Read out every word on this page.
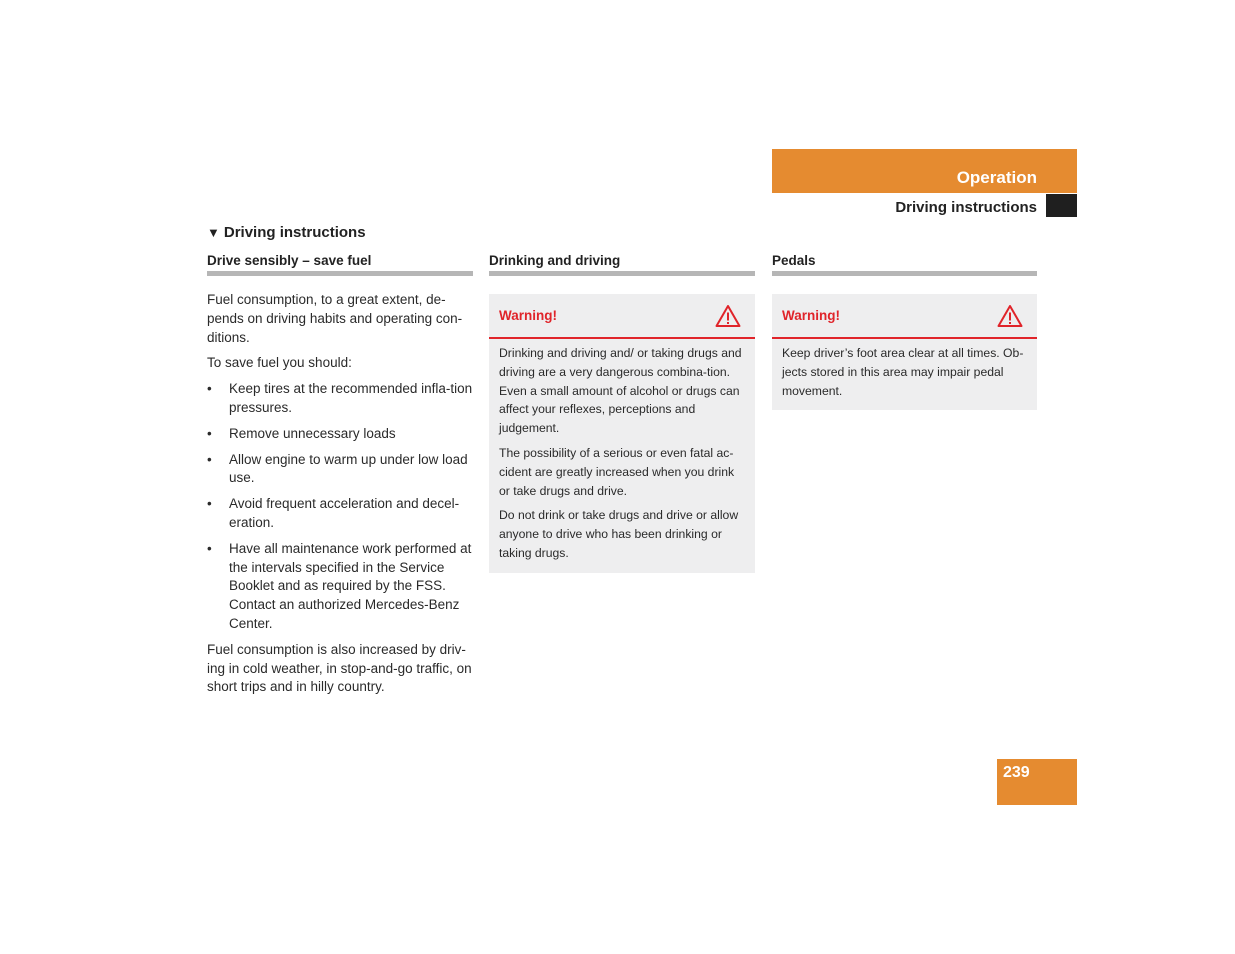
Operation
Driving instructions
▼ Driving instructions
Drive sensibly – save fuel

Fuel consumption, to a great extent, de-pends on driving habits and operating con-ditions.

To save fuel you should:

• Keep tires at the recommended infla-tion pressures.
• Remove unnecessary loads
• Allow engine to warm up under low load use.
• Avoid frequent acceleration and decel-eration.
• Have all maintenance work performed at the intervals specified in the Service Booklet and as required by the FSS. Contact an authorized Mercedes-Benz Center.

Fuel consumption is also increased by driv-ing in cold weather, in stop-and-go traffic, on short trips and in hilly country.

Drinking and driving
Warning!

Drinking and driving and/ or taking drugs and driving are a very dangerous combina-tion. Even a small amount of alcohol or drugs can affect your reflexes, perceptions and judgement.

The possibility of a serious or even fatal ac-cident are greatly increased when you drink or take drugs and drive.

Do not drink or take drugs and drive or allow anyone to drive who has been drinking or taking drugs.

Pedals
Warning!

Keep driver’s foot area clear at all times. Ob-jects stored in this area may impair pedal movement.

239
